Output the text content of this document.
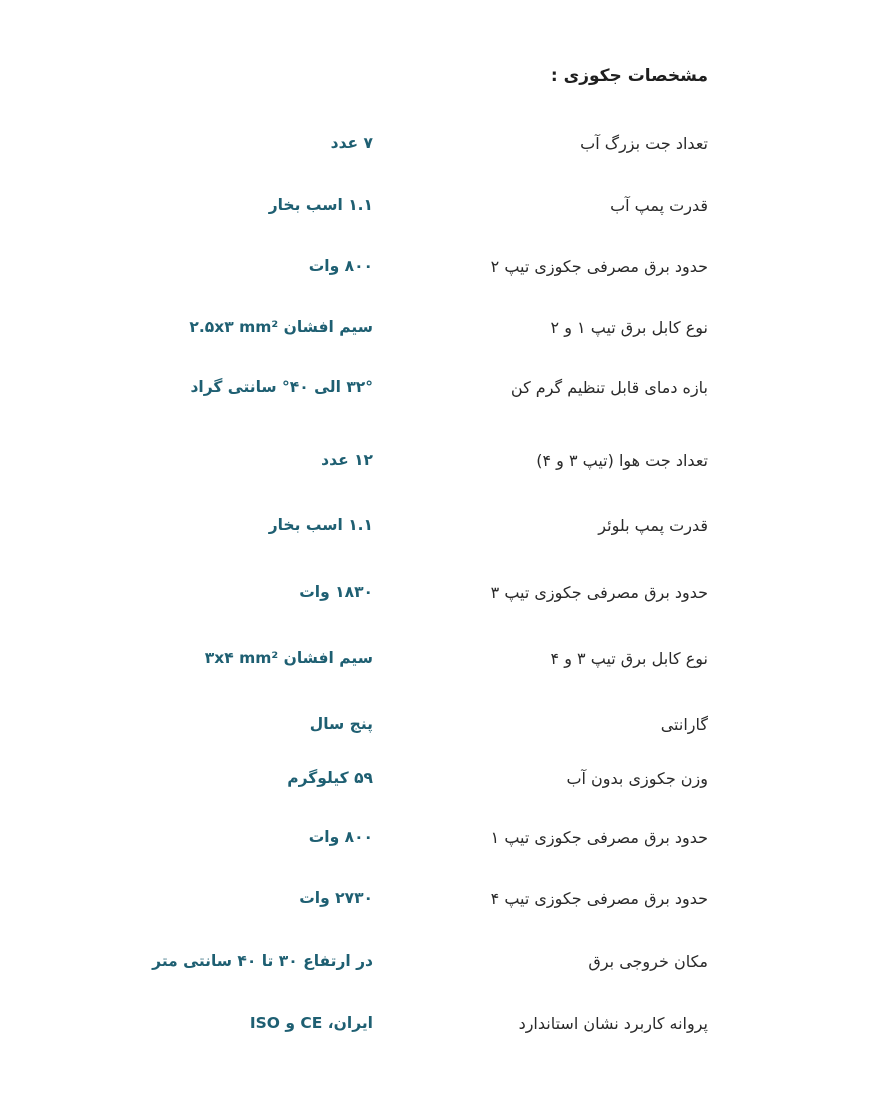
مشخصات جکوزی :
تعداد جت بزرگ آب
۷ عدد
قدرت پمپ آب
۱.۱ اسب بخار
حدود برق مصرفی جکوزی تیپ ۲
۸۰۰ وات
نوع کابل برق تیپ ۱ و ۲
سیم افشان ۲.۵x۳ mm²
بازه دمای قابل تنظیم گرم کن
۳۲° الی ۴۰° سانتی گراد
تعداد جت هوا (تیپ ۳ و ۴)
۱۲ عدد
قدرت پمپ بلوئر
۱.۱ اسب بخار
حدود برق مصرفی جکوزی تیپ ۳
۱۸۳۰ وات
نوع کابل برق تیپ ۳ و ۴
سیم افشان ۳x۴ mm²
گارانتی
پنج سال
وزن جکوزی بدون آب
۵۹ کیلوگرم
حدود برق مصرفی جکوزی تیپ ۱
۸۰۰ وات
حدود برق مصرفی جکوزی تیپ ۴
۲۷۳۰ وات
مکان خروجی برق
در ارتفاع ۳۰ تا ۴۰ سانتی متر
پروانه کاربرد نشان استاندارد
ایران، CE و ISO
